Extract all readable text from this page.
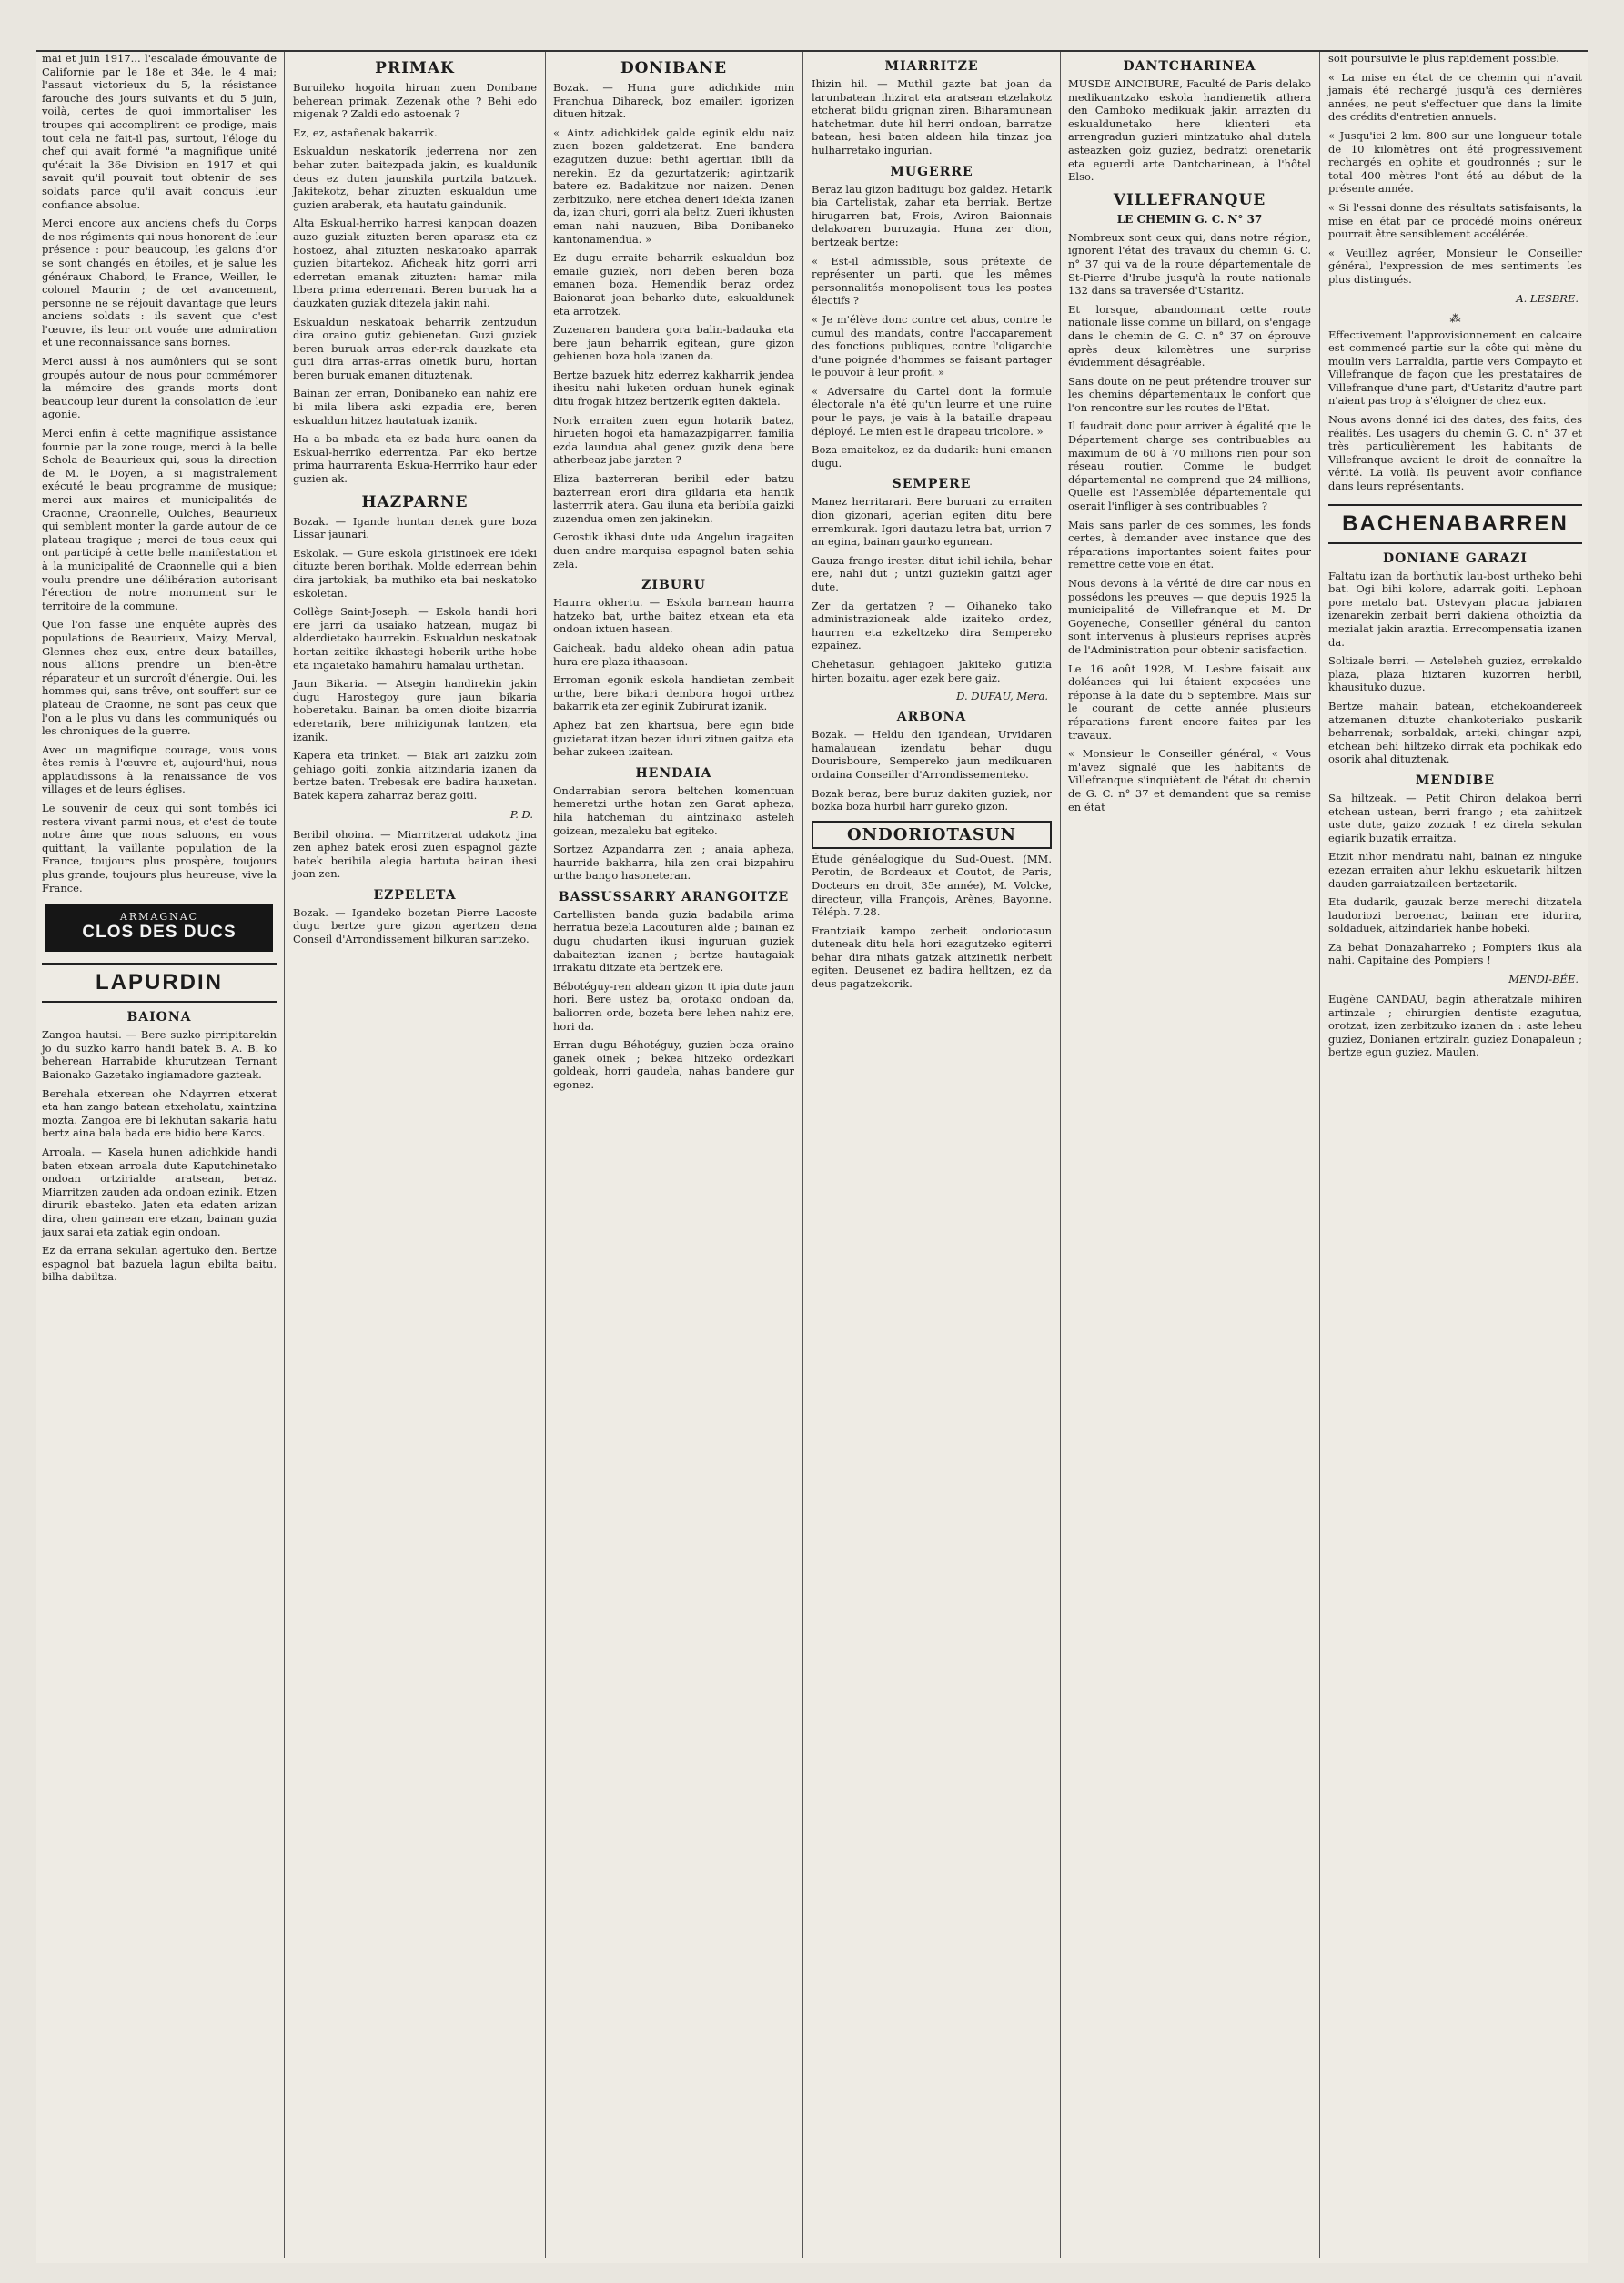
mai et juin 1917... l'escalade émouvante de Californie par le 18e et 34e, le 4 mai; l'assaut victorieux du 5, la résistance farouche des jours suivants et du 5 juin, voilà, certes de quoi immortaliser les troupes qui accomplirent ce prodige, mais tout cela ne fait-il pas, surtout, l'éloge du chef qui avait formé "a magnifique unité qu'était la 36e Division en 1917 et qui savait qu'il pouvait tout obtenir de ses soldats parce qu'il avait conquis leur confiance absolue.

Merci encore aux anciens chefs du Corps de nos régiments qui nous honorent de leur présence : pour beaucoup, les galons d'or se sont changés en étoiles, et je salue les généraux Chabord, le France, Weiller, le colonel Maurin ; de cet avancement, personne ne se réjouit davantage que leurs anciens soldats : ils savent que c'est l'œuvre, ils leur ont vouée une admiration et une reconnaissance sans bornes.

Merci aussi à nos aumôniers qui se sont groupés autour de nous pour commémorer la mémoire des grands morts dont beaucoup leur durent la consolation de leur agonie.

Merci enfin à cette magnifique assistance fournie par la zone rouge, merci à la belle Schola de Beaurieux qui, sous la direction de M. le Doyen, a si magistralement exécuté le beau programme de musique; merci aux maires et municipalités de Craonne, Craonnelle, Oulches, Beaurieux qui semblent monter la garde autour de ce plateau tragique ; merci de tous ceux qui ont participé à cette belle manifestation et à la municipalité de Craonnelle qui a bien voulu prendre une délibération autorisant l'érection de notre monument sur le territoire de la commune.

Que l'on fasse une enquête auprès des populations de Beaurieux, Maizy, Merval, Glennes chez eux, entre deux batailles, nous allions prendre un bien-être réparateur et un surcroît d'énergie. Oui, les hommes qui, sans trêve, ont souffert sur ce plateau de Craonne, ne sont pas ceux que l'on a le plus vu dans les communiqués ou les chroniques de la guerre.

Avec un magnifique courage, vous vous êtes remis à l'œuvre et, aujourd'hui, nous applaudissons à la renaissance de vos villages et de leurs églises.

Le souvenir de ceux qui sont tombés ici restera vivant parmi nous, et c'est de toute notre âme que nous saluons, en vous quittant, la vaillante population de la France, toujours plus prospère, toujours plus grande, toujours plus heureuse, vive la France.

ARMAGNAC
CLOS DES DUCS
LAPURDIN
BAIONA

Zangoa hautsi. — Bere suzko pirripitarekin jo du suzko karro handi batek B. A. B. ko beherean Harrabide khurutzean Ternant Baionako Gazetako ingiamadore gazteak.

Berehala etxerean ohe Ndayrren etxerat eta han zango batean etxeholatu, xaintzina mozta. Zangoa ere bi lekhutan sakaria hatu bertz aina bala bada ere bidio bere Karcs.

Arroala. — Kasela hunen adichkide handi baten etxean arroala dute Kaputchinetako ondoan ortzirialde aratsean, beraz. Miarritzen zauden ada ondoan ezinik. Etzen dirurik ebasteko. Jaten eta edaten arizan dira, ohen gainean ere etzan, bainan guzia jaux sarai eta zatiak egin ondoan.

Ez da errana sekulan agertuko den. Bertze espagnol bat bazuela lagun ebilta baitu, bilha dabiltza.

PRIMAK

Buruileko hogoita hiruan zuen Donibane beherean primak. Zezenak othe ? Behi edo migenak ? Zaldi edo astoenak ?

Ez, ez, astañenak bakarrik.

Eskualdun neskatorik jederrena nor zen behar zuten baitezpada jakin, es kualdunik deus ez duten jaunskila purtzila batzuek. Jakitekotz, behar zituzten eskualdun ume guzien araberak, eta hautatu gaindunik.

Alta Eskual-herriko harresi kanpoan doazen auzo guziak zituzten beren aparasz eta ez hostoez, ahal zituzten neskatoako aparrak guzien bitartekoz. Aficheak hitz gorri arri ederretan emanak zituzten: hamar mila libera prima ederrenari. Beren buruak ha a dauzkaten guziak ditezela jakin nahi.

Eskualdun neskatoak beharrik zentzudun dira oraino gutiz gehienetan. Guzi guziek beren buruak arras eder-rak dauzkate eta guti dira arras-arras oinetik buru, hortan beren buruak emanen dituztenak.

Bainan zer erran, Donibaneko ean nahiz ere bi mila libera aski ezpadia ere, beren eskualdun hitzez hautatuak izanik.

Ha a ba mbada eta ez bada hura oanen da Eskual-herriko ederrentza. Par eko bertze prima haurrarenta Eskua-Herrriko haur eder guzien ak.

HAZPARNE

Bozak. — Igande huntan denek gure boza Lissar jaunari.

Eskolak. — Gure eskola giristinoek ere ideki dituzte beren borthak. Molde ederrean behin dira jartokiak, ba muthiko eta bai neskatoko eskoletan.

Collège Saint-Joseph. — Eskola handi hori ere jarri da usaiako hatzean, mugaz bi alderdietako haurrekin. Eskualdun neskatoak hortan zeitike ikhastegi hoberik urthe hobe eta ingaietako hamahiru hamalau urthetan.

Jaun Bikaria. — Atsegin handirekin jakin dugu Harostegoy gure jaun bikaria hoberetaku. Bainan ba omen dioite bizarria ederetarik, bere mihizigunak lantzen, eta izanik.

Kapera eta trinket. — Biak ari zaizku zoin gehiago goiti, zonkia aitzindaria izanen da bertze baten. Trebesak ere badira hauxetan. Batek kapera zaharraz beraz goiti.

P. D.

Beribil ohoina. — Miarritzerat udakotz jina zen aphez batek erosi zuen espagnol gazte batek beribila alegia hartuta bainan ihesi joan zen.

EZPELETA

Bozak. — Igandeko bozetan Pierre Lacoste dugu bertze gure gizon agertzen dena Conseil d'Arrondissement bilkuran sartzeko.

DONIBANE

Bozak. — Huna gure adichkide min Franchua Dihareck, boz emaileri igorizen dituen hitzak.

« Aintz adichkidek galde eginik eldu naiz zuen bozen galdetzerat. Ene bandera ezagutzen duzue: bethi agertian ibili da nerekin. Ez da gezurtatzerik; agintzarik batere ez. Badakitzue nor naizen. Denen zerbitzuko, nere etchea deneri idekia izanen da, izan churi, gorri ala beltz. Zueri ikhusten eman nahi nauzuen, Biba Donibaneko kantonamendua. »

Ez dugu erraite beharrik eskualdun boz emaile guziek, nori deben beren boza emanen boza. Hemendik beraz ordez Baionarat joan beharko dute, eskualdunek eta arrotzek.

Zuzenaren bandera gora balin-badauka eta bere jaun beharrik egitean, gure gizon gehienen boza hola izanen da.

Bertze bazuek hitz ederrez kakharrik jendea ihesitu nahi luketen orduan hunek eginak ditu frogak hitzez bertzerik egiten dakiela.

Nork erraiten zuen egun hotarik batez, hirueten hogoi eta hamazazpigarren familia ezda laundua ahal genez guzik dena bere atherbeaz jabe jarzten ?

Eliza bazterreran beribil eder batzu bazterrean erori dira gildaria eta hantik lasterrrik atera. Gau iluna eta beribila gaizki zuzendua omen zen jakinekin.

Gerostik ikhasi dute uda Angelun iragaiten duen andre marquisa espagnol baten sehia zela.

ZIBURU

Haurra okhertu. — Eskola barnean haurra hatzeko bat, urthe baitez etxean eta eta ondoan ixtuen hasean.

Gaicheak, badu aldeko ohean adin patua hura ere plaza ithaasoan.

Erroman egonik eskola handietan zembeit urthe, bere bikari dembora hogoi urthez bakarrik eta zer eginik Zubirurat izanik.

Aphez bat zen khartsua, bere egin bide guzietarat itzan bezen iduri zituen gaitza eta behar zukeen izaitean.

HENDAIA

Ondarrabian serora beltchen komentuan hemeretzi urthe hotan zen Garat apheza, hila hatcheman du aintzinako asteleh goizean, mezaleku bat egiteko.

Sortzez Azpandarra zen ; anaia apheza, haurride bakharra, hila zen orai bizpahiru urthe bango hasoneteran.

BASSUSSARRY ARANGOITZE

Cartellisten banda guzia badabila arima herratua bezela Lacouturen alde ; bainan ez dugu chudarten ikusi inguruan guziek dabaiteztan izanen ; bertze hautagaiak irrakatu ditzate eta bertzek ere.

Bébotéguy-ren aldean gizon tt ipia dute jaun hori. Bere ustez ba, orotako ondoan da, baliorren orde, bozeta bere lehen nahiz ere, hori da.

Erran dugu Béhotéguy, guzien boza oraino ganek oinek ; bekea hitzeko ordezkari goldeak, horri gaudela, nahas bandere gur egonez.

MIARRITZE

Ihizin hil. — Muthil gazte bat joan da larunbatean ihizirat eta aratsean etzelakotz etcherat bildu grignan ziren. Biharamunean hatchetman dute hil herri ondoan, barratze batean, hesi baten aldean hila tinzaz joa hulharretako ingurian.

MUGERRE

Beraz lau gizon baditugu boz galdez. Hetarik bia Cartelistak, zahar eta berriak. Bertze hirugarren bat, Frois, Aviron Baionnais delakoaren buruzagia. Huna zer dion, bertzeak bertze:

« Est-il admissible, sous prétexte de représenter un parti, que les mêmes personnalités monopolisent tous les postes électifs ?

« Je m'élève donc contre cet abus, contre le cumul des mandats, contre l'accaparement des fonctions publiques, contre l'oligarchie d'une poignée d'hommes se faisant partager le pouvoir à leur profit. »

« Adversaire du Cartel dont la formule électorale n'a été qu'un leurre et une ruine pour le pays, je vais à la bataille drapeau déployé. Le mien est le drapeau tricolore. »

Boza emaitekoz, ez da dudarik: huni emanen dugu.

SEMPERE

Manez herritarari. Bere buruari zu erraiten dion gizonari, agerian egiten ditu bere erremkurak. Igori dautazu letra bat, urrion 7 an egina, bainan gaurko egunean.

Gauza frango iresten ditut ichil ichila, behar ere, nahi dut ; untzi guziekin gaitzi ager dute.

Zer da gertatzen ? — Oihaneko tako administrazioneak alde izaiteko ordez, haurren eta ezkeltzeko dira Sempereko ezpainez.

Chehetasun gehiagoen jakiteko gutizia hirten bozaitu, ager ezek bere gaiz.

D. DUFAU, Mera.
ARBONA

Bozak. — Heldu den igandean, Urvidaren hamalauean izendatu behar dugu Dourisboure, Sempereko jaun medikuaren ordaina Conseiller d'Arrondissementeko.

Bozak beraz, bere buruz dakiten guziek, nor bozka boza hurbil harr gureko gizon.

ONDORIOTASUN

Étude généalogique du Sud-Ouest. (MM. Perotin, de Bordeaux et Coutot, de Paris, Docteurs en droit, 35e année), M. Volcke, directeur, villa François, Arènes, Bayonne. Téléph. 7.28.

Frantziaik kampo zerbeit ondoriotasun duteneak ditu hela hori ezagutzeko egiterri behar dira nihats gatzak aitzinetik nerbeit egiten. Deusenet ez badira helltzen, ez da deus pagatzekorik.

DANTCHARINEA

MUSDE AINCIBURE, Faculté de Paris delako medikuantzako eskola handienetik athera den Camboko medikuak jakin arrazten du eskualdunetako here klienteri eta arrengradun guzieri mintzatuko ahal dutela asteazken goiz guziez, bedratzi orenetarik eta eguerdi arte Dantcharinean, à l'hôtel Elso.

VILLEFRANQUE
LE CHEMIN G. C. N° 37

Nombreux sont ceux qui, dans notre région, ignorent l'état des travaux du chemin G. C. n° 37 qui va de la route départementale de St-Pierre d'Irube jusqu'à la route nationale 132 dans sa traversée d'Ustaritz.

Et lorsque, abandonnant cette route nationale lisse comme un billard, on s'engage dans le chemin de G. C. n° 37 on éprouve après deux kilomètres une surprise évidemment désagréable.

Sans doute on ne peut prétendre trouver sur les chemins départementaux le confort que l'on rencontre sur les routes de l'Etat.

Il faudrait donc pour arriver à égalité que le Département charge ses contribuables au maximum de 60 à 70 millions rien pour son réseau routier. Comme le budget départemental ne comprend que 24 millions, Quelle est l'Assemblée départementale qui oserait l'infliger à ses contribuables ?

Mais sans parler de ces sommes, les fonds certes, à demander avec instance que des réparations importantes soient faites pour remettre cette voie en état.

Nous devons à la vérité de dire car nous en possédons les preuves — que depuis 1925 la municipalité de Villefranque et M. Dr Goyeneche, Conseiller général du canton sont intervenus à plusieurs reprises auprès de l'Administration pour obtenir satisfaction.

Le 16 août 1928, M. Lesbre faisait aux doléances qui lui étaient exposées une réponse à la date du 5 septembre. Mais sur le courant de cette année plusieurs réparations furent encore faites par les travaux.

« Monsieur le Conseiller général, « Vous m'avez signalé que les habitants de Villefranque s'inquiètent de l'état du chemin de G. C. n° 37 et demandent que sa remise en état

soit poursuivie le plus rapidement possible.

« La mise en état de ce chemin qui n'avait jamais été rechargé jusqu'à ces dernières années, ne peut s'effectuer que dans la limite des crédits d'entretien annuels.

« Jusqu'ici 2 km. 800 sur une longueur totale de 10 kilomètres ont été progressivement rechargés en ophite et goudronnés ; sur le total 400 mètres l'ont été au début de la présente année.

« Si l'essai donne des résultats satisfaisants, la mise en état par ce procédé moins onéreux pourrait être sensiblement accélérée.

« Veuillez agréer, Monsieur le Conseiller général, l'expression de mes sentiments les plus distingués.

A. LESBRE.
⁂

Effectivement l'approvisionnement en calcaire est commencé partie sur la côte qui mène du moulin vers Larraldia, partie vers Compayto et Villefranque de façon que les prestataires de Villefranque d'une part, d'Ustaritz d'autre part n'aient pas trop à s'éloigner de chez eux.

Nous avons donné ici des dates, des faits, des réalités. Les usagers du chemin G. C. n° 37 et très particulièrement les habitants de Villefranque avaient le droit de connaître la vérité. La voilà. Ils peuvent avoir confiance dans leurs représentants.

BACHENABARREN
DONIANE GARAZI

Faltatu izan da borthutik lau-bost urtheko behi bat. Ogi bihi kolore, adarrak goiti. Lephoan pore metalo bat. Ustevyan placua jabiaren izenarekin zerbait berri dakiena othoiztia da mezialat jakin araztia. Errecompensatia izanen da.

Soltizale berri. — Asteleheh guziez, errekaldo plaza, plaza hiztaren kuzorren herbil, khausituko duzue.

Bertze mahain batean, etchekoandereek atzemanen dituzte chankoteriako puskarik beharrenak; sorbaldak, arteki, chingar azpi, etchean behi hiltzeko dirrak eta pochikak edo osorik ahal dituztenak.

MENDIBE

Sa hiltzeak. — Petit Chiron delakoa berri etchean ustean, berri frango ; eta zahiitzek uste dute, gaizo zozuak ! ez direla sekulan egiarik buzatik erraitza.

Etzit nihor mendratu nahi, bainan ez ninguke ezezan erraiten ahur lekhu eskuetarik hiltzen dauden garraiatzaileen bertzetarik.

Eta dudarik, gauzak berze merechi ditzatela laudoriozi beroenac, bainan ere idurira, soldaduek, aitzindariek hanbe hobeki.

Za behat Donazaharreko ; Pompiers ikus ala nahi. Capitaine des Pompiers !

MENDI-BÉE.

Eugène CANDAU, bagin atheratzale mihiren artinzale ; chirurgien dentiste ezagutua, orotzat, izen zerbitzuko izanen da : aste leheu guziez, Donianen ertziraln guziez Donapaleun ; bertze egun guziez, Maulen.
